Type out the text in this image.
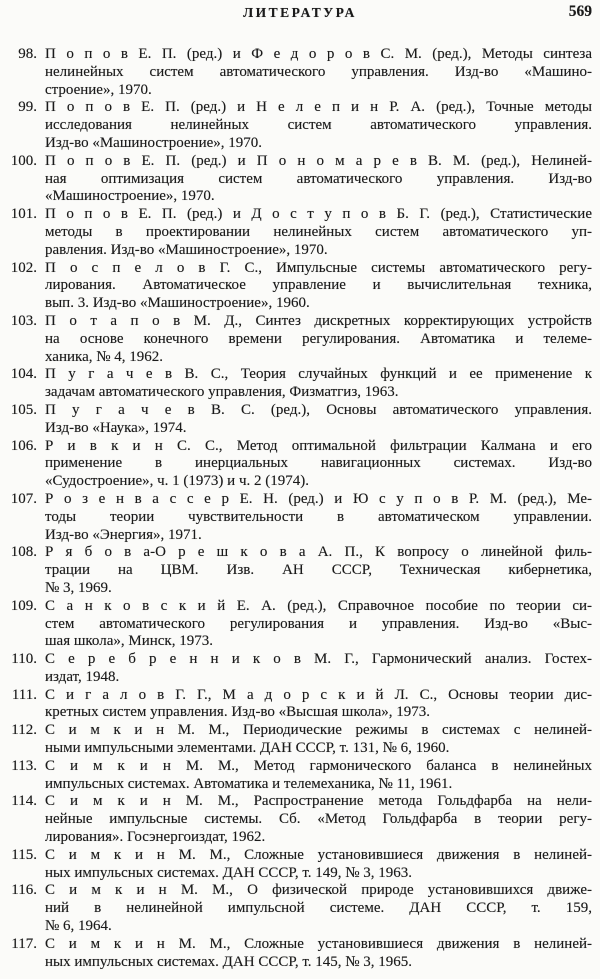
ЛИТЕРАТУРА	569
98. П о п о в Е. П. (ред.) и Ф е д о р о в С. М. (ред.), Методы синтеза
нелинейных систем автоматического управления. Изд-во «Машино-
строение», 1970.
99. П о п о в Е. П. (ред.) и Н е л е п и н Р. А. (ред.), Точные методы
исследования нелинейных систем автоматического управления.
Изд-во «Машиностроение», 1970.
100. П о п о в Е. П. (ред.) и П о н о м а р е в В. М. (ред.), Нелиней-
ная оптимизация систем автоматического управления. Изд-во
«Машиностроение», 1970.
101. П о п о в Е. П. (ред.) и Д о с т у п о в Б. Г. (ред.), Статистические
методы в проектировании нелинейных систем автоматического уп-
равления. Изд-во «Машиностроение», 1970.
102. П о с п е л о в Г. С., Импульсные системы автоматического регу-
лирования. Автоматическое управление и вычислительная техника,
вып. 3. Изд-во «Машиностроение», 1960.
103. П о т а п о в М. Д., Синтез дискретных корректирующих устройств
на основе конечного времени регулирования. Автоматика и телеме-
ханика, № 4, 1962.
104. П у г а ч е в В. С., Теория случайных функций и ее применение к
задачам автоматического управления, Физматгиз, 1963.
105. П у г а ч е в В. С. (ред.), Основы автоматического управления.
Изд-во «Наука», 1974.
106. Р и в к и н С. С., Метод оптимальной фильтрации Калмана и его
применение в инерциальных навигационных системах. Изд-во
«Судостроение», ч. 1 (1973) и ч. 2 (1974).
107. Р о з е н в а с с е р Е. Н. (ред.) и Ю с у п о в Р. М. (ред.), Ме-
тоды теории чувствительности в автоматическом управлении.
Изд-во «Энергия», 1971.
108. Р я б о в а-О р е ш к о в а А. П., К вопросу о линейной филь-
трации на ЦВМ. Изв. АН СССР, Техническая кибернетика,
№ 3, 1969.
109. С а н к о в с к и й Е. А. (ред.), Справочное пособие по теории си-
стем автоматического регулирования и управления. Изд-во «Выс-
шая школа», Минск, 1973.
110. С е р е б р е н н и к о в М. Г., Гармонический анализ. Гостех-
издат, 1948.
111. С и г а л о в Г. Г., М а д о р с к и й Л. С., Основы теории дис-
кретных систем управления. Изд-во «Высшая школа», 1973.
112. С и м к и н М. М., Периодические режимы в системах с нелиней-
ными импульсными элементами. ДАН СССР, т. 131, № 6, 1960.
113. С и м к и н М. М., Метод гармонического баланса в нелинейных
импульсных системах. Автоматика и телемеханика, № 11, 1961.
114. С и м к и н М. М., Распространение метода Гольдфарба на нели-
нейные импульсные системы. Сб. «Метод Гольдфарба в теории регу-
лирования». Госэнергоиздат, 1962.
115. С и м к и н М. М., Сложные установившиеся движения в нелиней-
ных импульсных системах. ДАН СССР, т. 149, № 3, 1963.
116. С и м к и н М. М., О физической природе установившихся движе-
ний в нелинейной импульсной системе. ДАН СССР, т. 159,
№ 6, 1964.
117. С и м к и н М. М., Сложные установившиеся движения в нелиней-
ных импульсных системах. ДАН СССР, т. 145, № 3, 1965.
